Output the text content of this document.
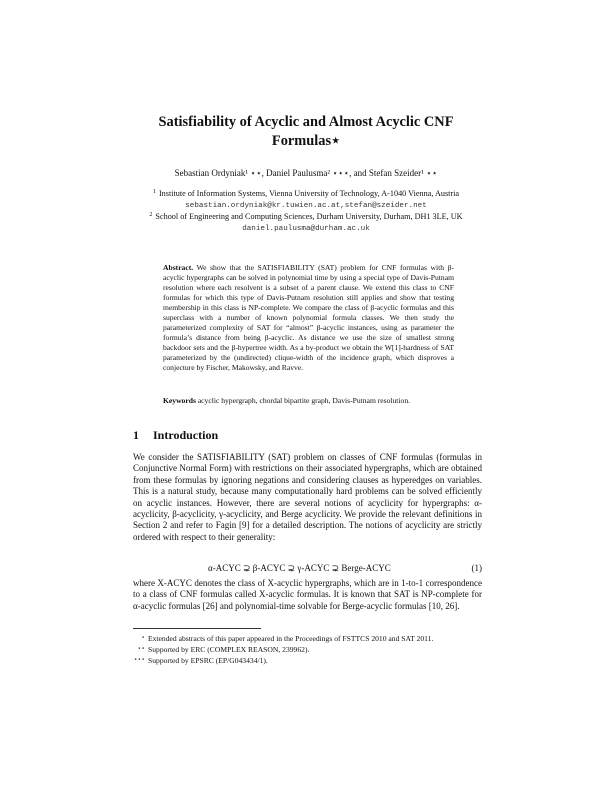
Satisfiability of Acyclic and Almost Acyclic CNF Formulas⋆
Sebastian Ordyniak¹ ⋆⋆, Daniel Paulusma² ⋆⋆⋆, and Stefan Szeider¹ ⋆⋆
$^1$ Institute of Information Systems, Vienna University of Technology, A-1040 Vienna, Austria
sebastian.ordyniak@kr.tuwien.ac.at,stefan@szeider.net
$^2$ School of Engineering and Computing Sciences, Durham University, Durham, DH1 3LE, UK
daniel.paulusma@durham.ac.uk
Abstract. We show that the SATISFIABILITY (SAT) problem for CNF formulas with β-acyclic hypergraphs can be solved in polynomial time by using a special type of Davis-Putnam resolution where each resolvent is a subset of a parent clause. We extend this class to CNF formulas for which this type of Davis-Putnam resolution still applies and show that testing membership in this class is NP-complete. We compare the class of β-acyclic formulas and this superclass with a number of known polynomial formula classes. We then study the parameterized complexity of SAT for “almost” β-acyclic instances, using as parameter the formula’s distance from being β-acyclic. As distance we use the size of smallest strong backdoor sets and the β-hypertree width. As a by-product we obtain the W[1]-hardness of SAT parameterized by the (undirected) clique-width of the incidence graph, which disproves a conjecture by Fischer, Makowsky, and Ravve.
Keywords acyclic hypergraph, chordal bipartite graph, Davis-Putnam resolution.
1 Introduction
We consider the SATISFIABILITY (SAT) problem on classes of CNF formulas (formulas in Conjunctive Normal Form) with restrictions on their associated hypergraphs, which are obtained from these formulas by ignoring negations and considering clauses as hyperedges on variables. This is a natural study, because many computationally hard problems can be solved efficiently on acyclic instances. However, there are several notions of acyclicity for hypergraphs: α-acyclicity, β-acyclicity, γ-acyclicity, and Berge acyclicity. We provide the relevant definitions in Section 2 and refer to Fagin [9] for a detailed description. The notions of acyclicity are strictly ordered with respect to their generality:
α-ACYC ⊋ β-ACYC ⊋ γ-ACYC ⊋ Berge-ACYC	(1)
where X-ACYC denotes the class of X-acyclic hypergraphs, which are in 1-to-1 correspondence to a class of CNF formulas called X-acyclic formulas. It is known that SAT is NP-complete for α-acyclic formulas [26] and polynomial-time solvable for Berge-acyclic formulas [10, 26].
⋆ Extended abstracts of this paper appeared in the Proceedings of FSTTCS 2010 and SAT 2011.
⋆⋆ Supported by ERC (COMPLEX REASON, 239962).
⋆⋆⋆ Supported by EPSRC (EP/G043434/1).
